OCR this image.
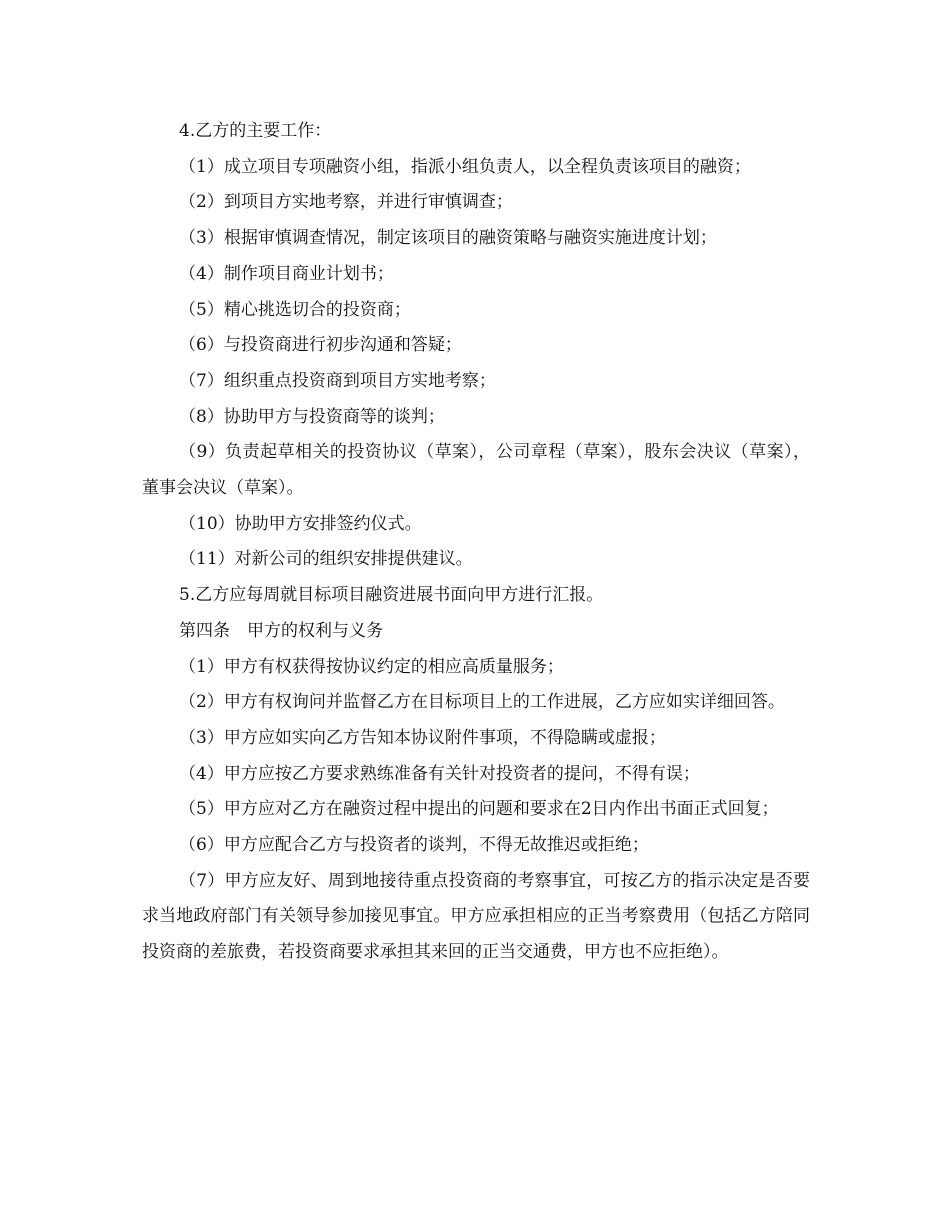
4.乙方的主要工作：

（1）成立项目专项融资小组，指派小组负责人，以全程负责该项目的融资；

（2）到项目方实地考察，并进行审慎调查；

（3）根据审慎调查情况，制定该项目的融资策略与融资实施进度计划；

（4）制作项目商业计划书；

（5）精心挑选切合的投资商；

（6）与投资商进行初步沟通和答疑；

（7）组织重点投资商到项目方实地考察；

（8）协助甲方与投资商等的谈判；

（9）负责起草相关的投资协议（草案），公司章程（草案），股东会决议（草案），董事会决议（草案）。

（10）协助甲方安排签约仪式。

（11）对新公司的组织安排提供建议。

5.乙方应每周就目标项目融资进展书面向甲方进行汇报。

第四条　甲方的权利与义务

（1）甲方有权获得按协议约定的相应高质量服务；

（2）甲方有权询问并监督乙方在目标项目上的工作进展，乙方应如实详细回答。

（3）甲方应如实向乙方告知本协议附件事项，不得隐瞒或虚报；

（4）甲方应按乙方要求熟练准备有关针对投资者的提问，不得有误；

（5）甲方应对乙方在融资过程中提出的问题和要求在2日内作出书面正式回复；

（6）甲方应配合乙方与投资者的谈判，不得无故推迟或拒绝；

（7）甲方应友好、周到地接待重点投资商的考察事宜，可按乙方的指示决定是否要求当地政府部门有关领导参加接见事宜。甲方应承担相应的正当考察费用（包括乙方陪同投资商的差旅费，若投资商要求承担其来回的正当交通费，甲方也不应拒绝）。
